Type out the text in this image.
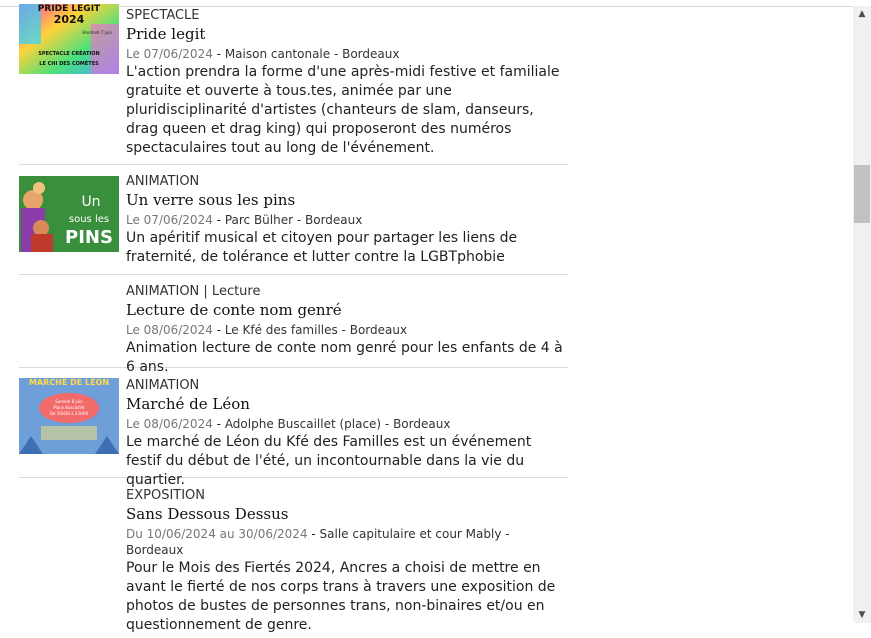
PRIDE LEGIT
2024
Vendredi 7 juin
SPECTACLE CRÉATION
LE CHI DES COMÈTES
SPECTACLE
Pride legit
Le 07/06/2024 - Maison cantonale - Bordeaux
L'action prendra la forme d'une après-midi festive et familiale gratuite et ouverte à tous.tes, animée par une pluridisciplinarité d'artistes (chanteurs de slam, danseurs, drag queen et drag king) qui proposeront des numéros spectaculaires tout au long de l'événement.
Un
sous les
PINS
ANIMATION
Un verre sous les pins
Le 07/06/2024 - Parc Bülher - Bordeaux
Un apéritif musical et citoyen pour partager les liens de fraternité, de tolérance et lutter contre la LGBTphobie
ANIMATION | Lecture
Lecture de conte nom genré
Le 08/06/2024 - Le Kfé des familles - Bordeaux
Animation lecture de conte nom genré pour les enfants de 4 à 6 ans.
MARCHÉ DE LÉON
Samedi 8 juin
Place Buscaillet
De 10H30 à 22H00
ANIMATION
Marché de Léon
Le 08/06/2024 - Adolphe Buscaillet (place) - Bordeaux
Le marché de Léon du Kfé des Familles est un événement festif du début de l'été, un incontournable dans la vie du quartier.
EXPOSITION
Sans Dessous Dessus
Du 10/06/2024 au 30/06/2024 - Salle capitulaire et cour Mably - Bordeaux
Pour le Mois des Fiertés 2024, Ancres a choisi de mettre en avant le fierté de nos corps trans à travers une exposition de photos de bustes de personnes trans, non-binaires et/ou en questionnement de genre.
▲
▼
